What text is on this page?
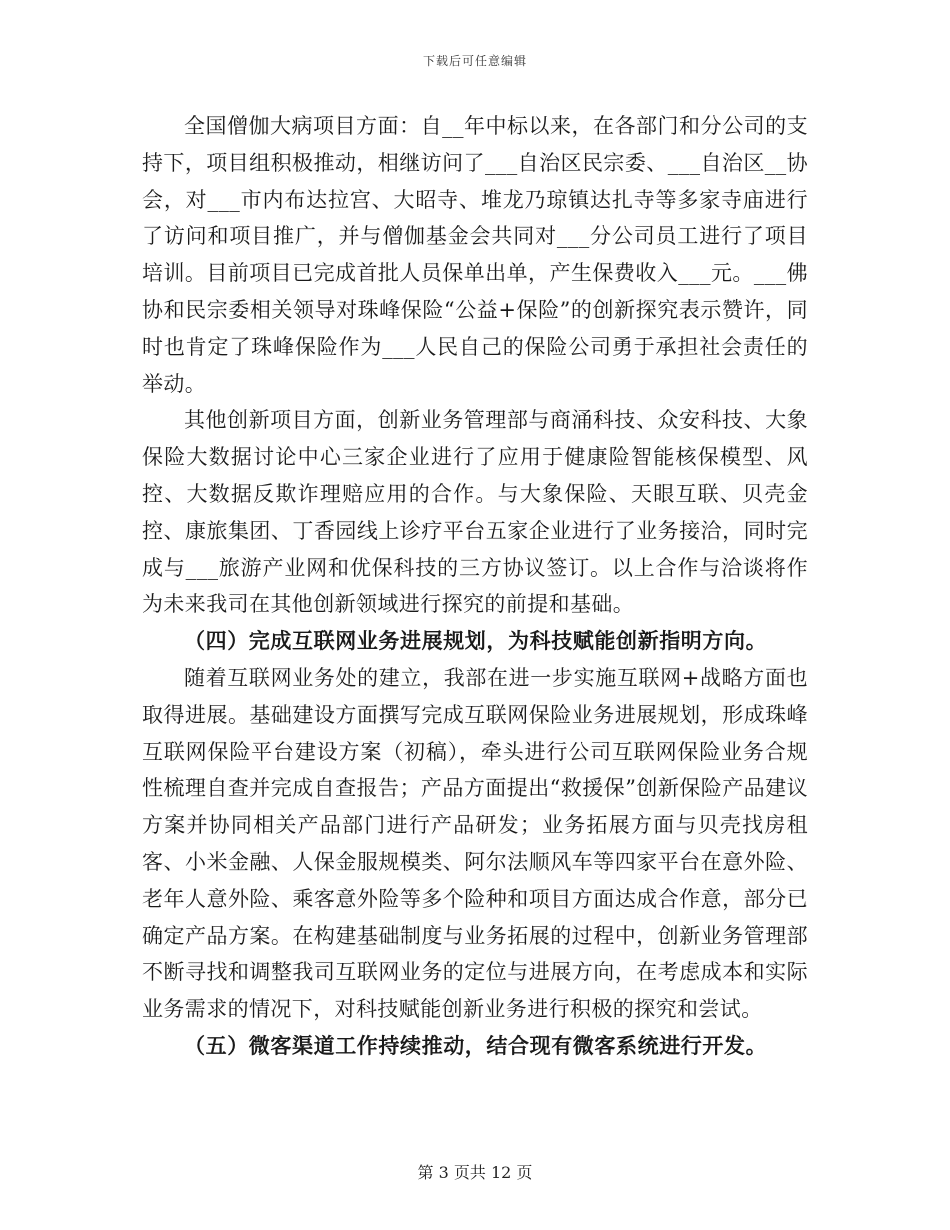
下载后可任意编辑

全国僧伽大病项目方面：自__年中标以来，在各部门和分公司的支持下，项目组积极推动，相继访问了___自治区民宗委、___自治区__协会，对___市内布达拉宫、大昭寺、堆龙乃琼镇达扎寺等多家寺庙进行了访问和项目推广，并与僧伽基金会共同对___分公司员工进行了项目培训。目前项目已完成首批人员保单出单，产生保费收入___元。___佛协和民宗委相关领导对珠峰保险“公益+保险”的创新探究表示赞许，同时也肯定了珠峰保险作为___人民自己的保险公司勇于承担社会责任的举动。

其他创新项目方面，创新业务管理部与商涌科技、众安科技、大象保险大数据讨论中心三家企业进行了应用于健康险智能核保模型、风控、大数据反欺诈理赔应用的合作。与大象保险、天眼互联、贝壳金控、康旅集团、丁香园线上诊疗平台五家企业进行了业务接洽，同时完成与___旅游产业网和优保科技的三方协议签订。以上合作与洽谈将作为未来我司在其他创新领域进行探究的前提和基础。

（四）完成互联网业务进展规划，为科技赋能创新指明方向。

随着互联网业务处的建立，我部在进一步实施互联网+战略方面也取得进展。基础建设方面撰写完成互联网保险业务进展规划，形成珠峰互联网保险平台建设方案（初稿），牵头进行公司互联网保险业务合规性梳理自查并完成自查报告；产品方面提出“救援保”创新保险产品建议方案并协同相关产品部门进行产品研发；业务拓展方面与贝壳找房租客、小米金融、人保金服规模类、阿尔法顺风车等四家平台在意外险、老年人意外险、乘客意外险等多个险种和项目方面达成合作意，部分已确定产品方案。在构建基础制度与业务拓展的过程中，创新业务管理部不断寻找和调整我司互联网业务的定位与进展方向，在考虑成本和实际业务需求的情况下，对科技赋能创新业务进行积极的探究和尝试。

（五）微客渠道工作持续推动，结合现有微客系统进行开发。

第 3 页共 12 页
